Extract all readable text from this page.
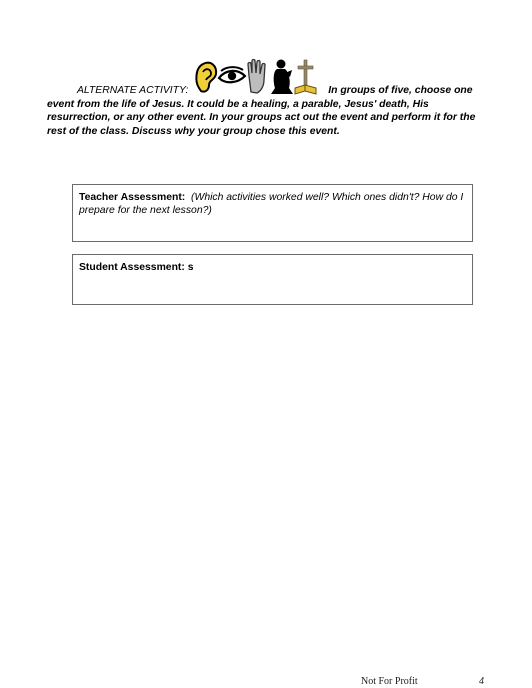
ALTERNATE ACTIVITY:	In groups of five, choose one event from the life of Jesus. It could be a healing, a parable, Jesus' death, His resurrection, or any other event. In your groups act out the event and perform it for the rest of the class. Discuss why your group chose this event.
Teacher Assessment: (Which activities worked well? Which ones didn't? How do I prepare for the next lesson?)
Student Assessment: s
Not For Profit	4
